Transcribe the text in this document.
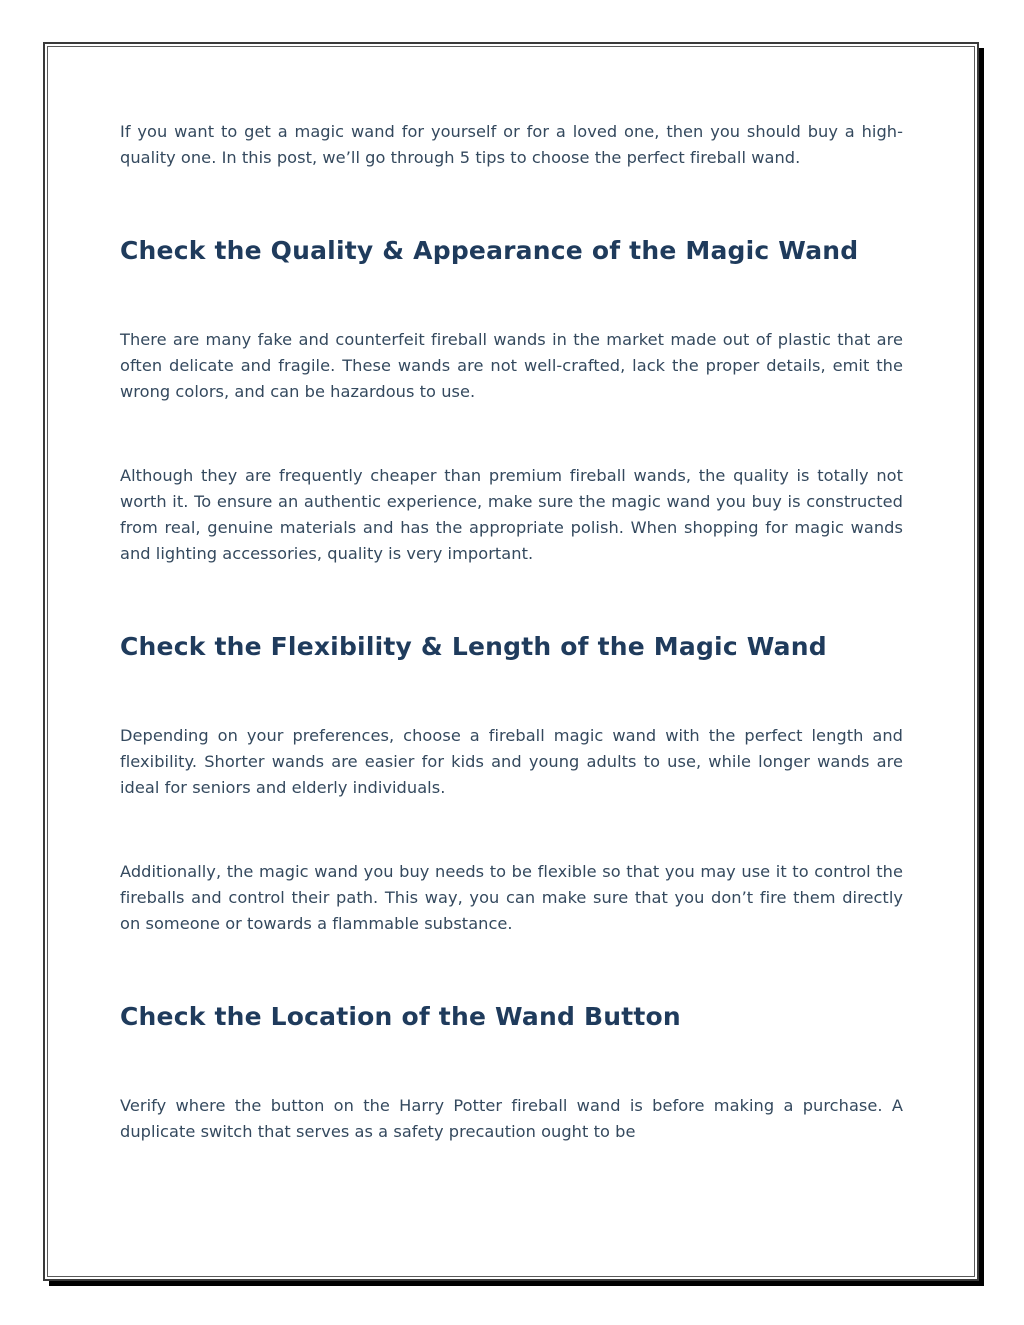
If you want to get a magic wand for yourself or for a loved one, then you should buy a high-quality one. In this post, we’ll go through 5 tips to choose the perfect fireball wand.

Check the Quality & Appearance of the Magic Wand

There are many fake and counterfeit fireball wands in the market made out of plastic that are often delicate and fragile. These wands are not well-crafted, lack the proper details, emit the wrong colors, and can be hazardous to use.

Although they are frequently cheaper than premium fireball wands, the quality is totally not worth it. To ensure an authentic experience, make sure the magic wand you buy is constructed from real, genuine materials and has the appropriate polish. When shopping for magic wands and lighting accessories, quality is very important.

Check the Flexibility & Length of the Magic Wand

Depending on your preferences, choose a fireball magic wand with the perfect length and flexibility. Shorter wands are easier for kids and young adults to use, while longer wands are ideal for seniors and elderly individuals.

Additionally, the magic wand you buy needs to be flexible so that you may use it to control the fireballs and control their path. This way, you can make sure that you don’t fire them directly on someone or towards a flammable substance.

Check the Location of the Wand Button

Verify where the button on the Harry Potter fireball wand is before making a purchase. A duplicate switch that serves as a safety precaution ought to be
